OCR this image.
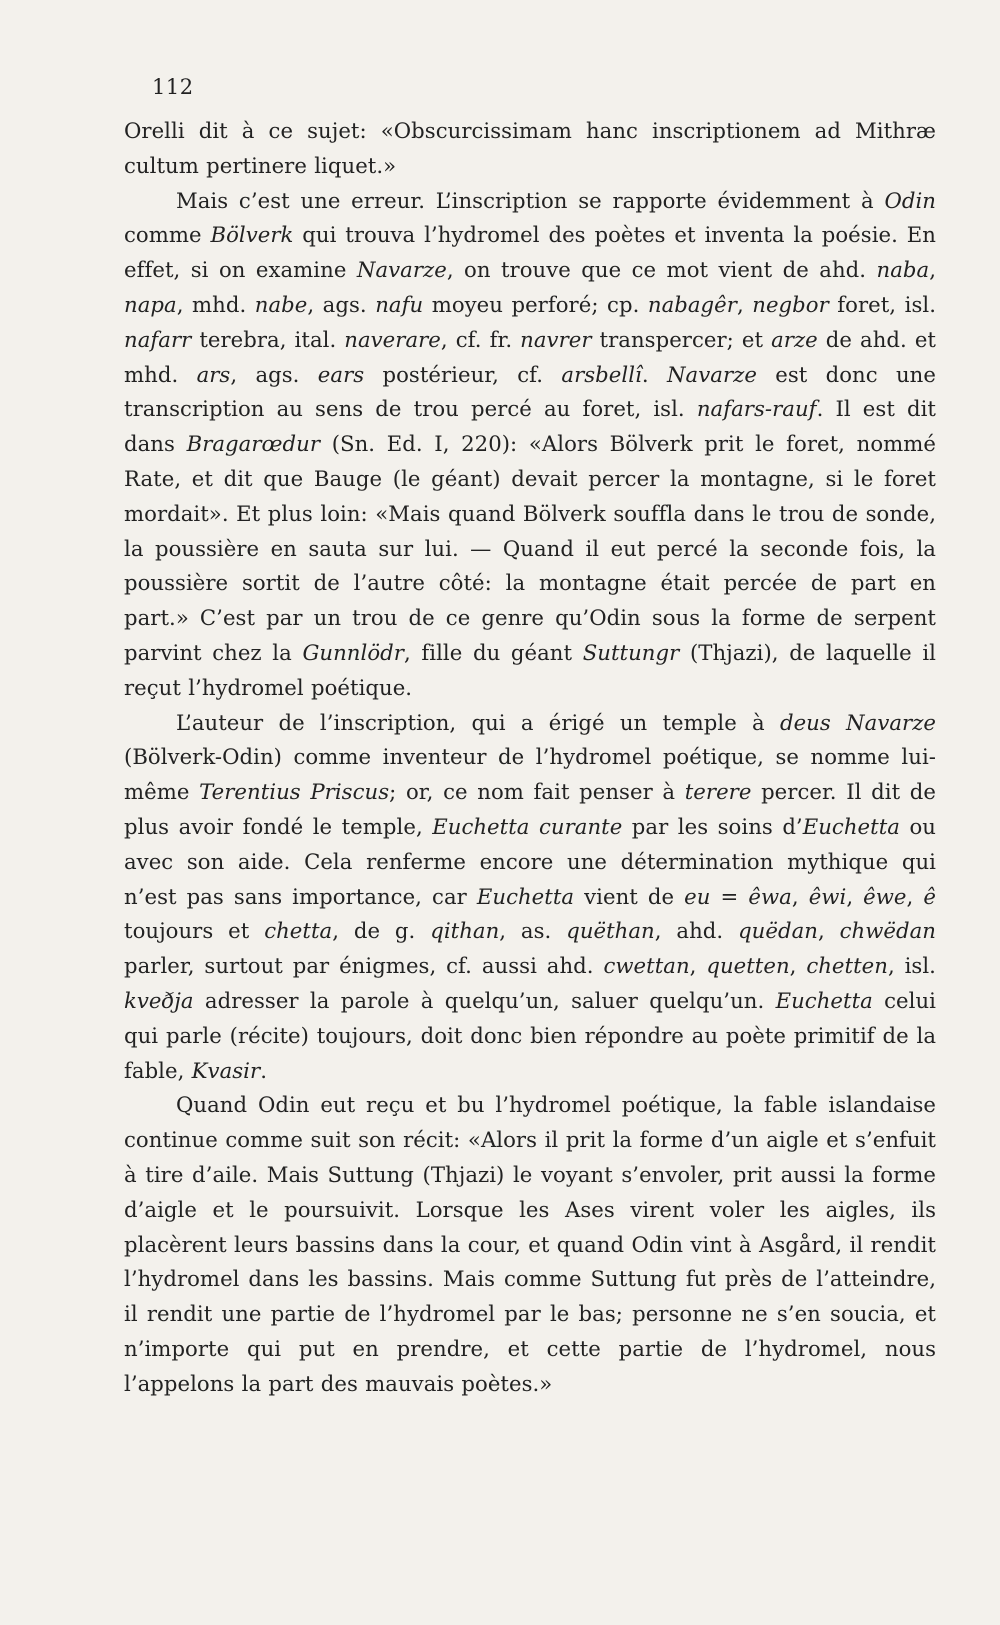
112

Orelli dit à ce sujet: «Obscurcissimam hanc inscriptionem ad Mithræ cultum pertinere liquet.»

Mais c’est une erreur. L’inscription se rapporte évidemment à Odin comme Bölverk qui trouva l’hydromel des poètes et inventa la poésie. En effet, si on examine Navarze, on trouve que ce mot vient de ahd. naba, napa, mhd. nabe, ags. nafu moyeu perforé; cp. nabagêr, negbor foret, isl. nafarr terebra, ital. naverare, cf. fr. navrer transpercer; et arze de ahd. et mhd. ars, ags. ears postérieur, cf. arsbellî. Navarze est donc une transcription au sens de trou percé au foret, isl. nafars-rauf. Il est dit dans Bragarœdur (Sn. Ed. I, 220): «Alors Bölverk prit le foret, nommé Rate, et dit que Bauge (le géant) devait percer la montagne, si le foret mordait». Et plus loin: «Mais quand Bölverk souffla dans le trou de sonde, la poussière en sauta sur lui. — Quand il eut percé la seconde fois, la poussière sortit de l’autre côté: la montagne était percée de part en part.» C’est par un trou de ce genre qu’Odin sous la forme de serpent parvint chez la Gunnlödr, fille du géant Suttungr (Thjazi), de laquelle il reçut l’hydromel poétique.

L’auteur de l’inscription, qui a érigé un temple à deus Navarze (Bölverk-Odin) comme inventeur de l’hydromel poétique, se nomme lui-même Terentius Priscus; or, ce nom fait penser à terere percer. Il dit de plus avoir fondé le temple, Euchetta curante par les soins d’Euchetta ou avec son aide. Cela renferme encore une détermination mythique qui n’est pas sans importance, car Euchetta vient de eu = êwa, êwi, êwe, ê toujours et chetta, de g. qithan, as. quëthan, ahd. quëdan, chwëdan parler, surtout par énigmes, cf. aussi ahd. cwettan, quetten, chetten, isl. kveðja adresser la parole à quelqu’un, saluer quelqu’un. Euchetta celui qui parle (récite) toujours, doit donc bien répondre au poète primitif de la fable, Kvasir.

Quand Odin eut reçu et bu l’hydromel poétique, la fable islandaise continue comme suit son récit: «Alors il prit la forme d’un aigle et s’enfuit à tire d’aile. Mais Suttung (Thjazi) le voyant s’envoler, prit aussi la forme d’aigle et le poursuivit. Lorsque les Ases virent voler les aigles, ils placèrent leurs bassins dans la cour, et quand Odin vint à Asgård, il rendit l’hydromel dans les bassins. Mais comme Suttung fut près de l’atteindre, il rendit une partie de l’hydromel par le bas; personne ne s’en soucia, et n’importe qui put en prendre, et cette partie de l’hydromel, nous l’appelons la part des mauvais poètes.»
